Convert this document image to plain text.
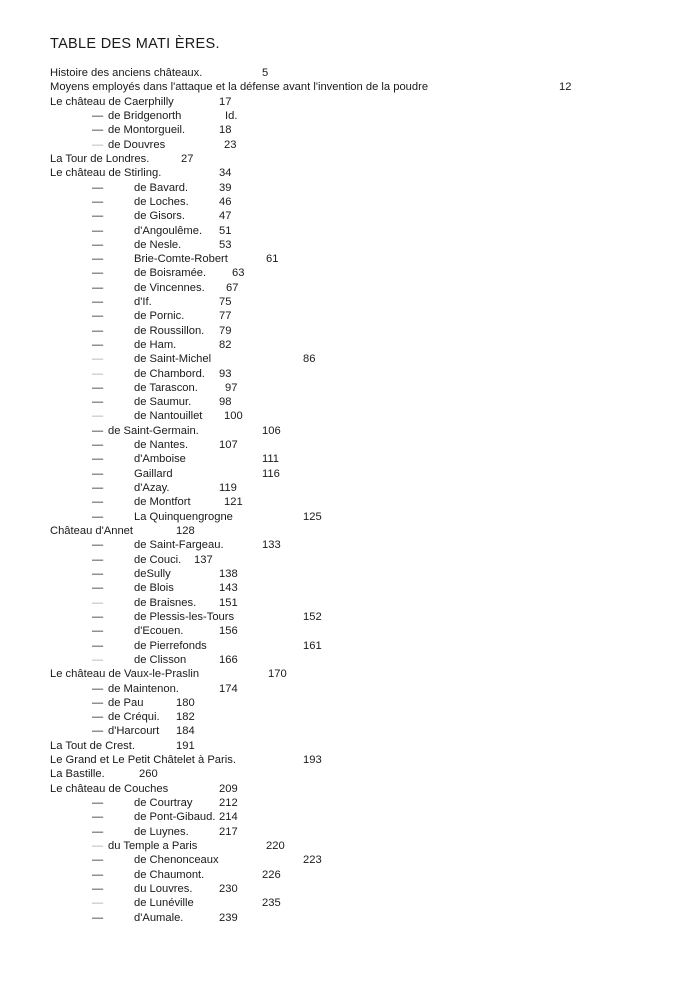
TABLE DES MATI ÈRES.
Histoire des anciens châteaux.	5
Moyens employés dans l'attaque et la défense avant l'invention de la poudre	12
Le château de Caerphilly	17
— de Bridgenorth	Id.
— de Montorgueil.	18
— de Douvres	23
La Tour de Londres.	27
Le château de Stirling.	34
—	de Bavard.	39
—	de Loches.	46
—	de Gisors.	47
—	d'Angoulême. 51
—	de Nesle.	53
—	Brie-Comte-Robert	61
—	de Boisramée. 63
—	de Vincennes. 67
—	d'If.	75
—	de Pornic.	77
—	de Roussillon. 79
—	de Ham.	82
—	de Saint-Michel	86
—	de Chambord. 93
—	de Tarascon. 97
—	de Saumur. 98
—	de Nantouillet 100
— de Saint-Germain.	106
—	de Nantes.	107
—	d'Amboise	111
—	Gaillard	116
—	d'Azay.	119
—	de Montfort	121
—	La Quinquengrogne	125
Château d'Annet	128
—	de Saint-Fargeau.	133
—	de Couci. 137
—	deSully	138
—	de Blois	143
—	de Braisnes. 151
—	de Plessis-les-Tours	152
—	d'Ecouen.	156
—	de Pierrefonds	161
—	de Clisson	166
Le château de Vaux-le-Praslin	170
— de Maintenon.	174
— de Pau	180
— de Créqui. 182
— d'Harcourt 184
La Tout de Crest.	191
Le Grand et Le Petit Châtelet à Paris.	193
La Bastille.	260
Le château de Couches	209
—	de Courtray 212
—	de Pont-Gibaud. 214
—	de Luynes.	217
— du Temple a Paris	220
—	de Chenonceaux	223
—	de Chaumont.	226
—	du Louvres. 230
—	de Lunéville	235
—	d'Aumale.	239
